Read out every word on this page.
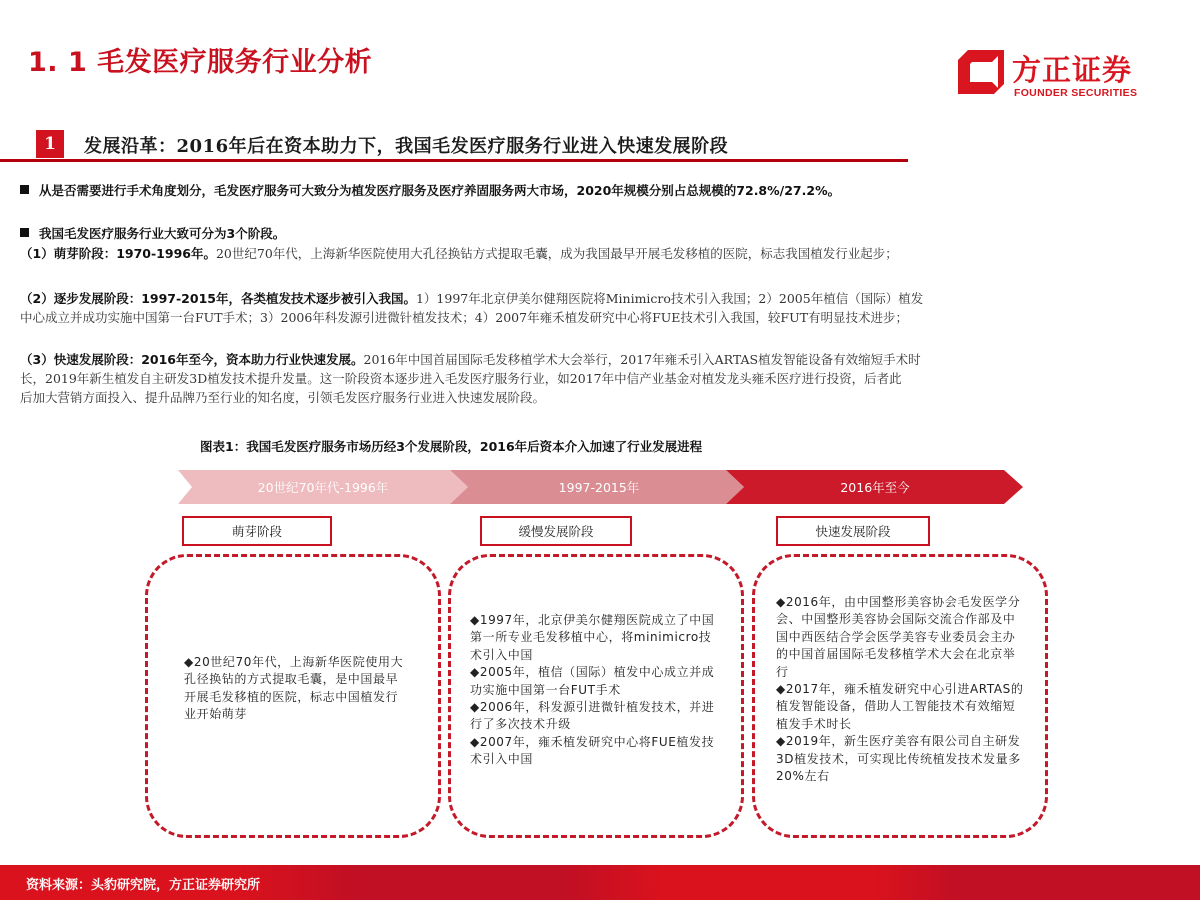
1. 1 毛发医疗服务行业分析	方正证券
FOUNDER SECURITIES
1	发展沿革：2016年后在资本助力下，我国毛发医疗服务行业进入快速发展阶段
从是否需要进行手术角度划分，毛发医疗服务可大致分为植发医疗服务及医疗养固服务两大市场，2020年规模分别占总规模的72.8%/27.2%。
我国毛发医疗服务行业大致可分为3个阶段。
（1）萌芽阶段：1970-1996年。20世纪70年代，上海新华医院使用大孔径换钻方式提取毛囊，成为我国最早开展毛发移植的医院，标志我国植发行业起步；
（2）逐步发展阶段：1997-2015年，各类植发技术逐步被引入我国。1）1997年北京伊美尔健翔医院将Minimicro技术引入我国；2）2005年植信（国际）植发
中心成立并成功实施中国第一台FUT手术；3）2006年科发源引进微针植发技术；4）2007年雍禾植发研究中心将FUE技术引入我国，较FUT有明显技术进步；
（3）快速发展阶段：2016年至今，资本助力行业快速发展。2016年中国首届国际毛发移植学术大会举行，2017年雍禾引入ARTAS植发智能设备有效缩短手术时
长，2019年新生植发自主研发3D植发技术提升发量。这一阶段资本逐步进入毛发医疗服务行业，如2017年中信产业基金对植发龙头雍禾医疗进行投资，后者此
后加大营销方面投入、提升品牌乃至行业的知名度，引领毛发医疗服务行业进入快速发展阶段。
图表1：我国毛发医疗服务市场历经3个发展阶段，2016年后资本介入加速了行业发展进程
20世纪70年代-1996年	1997-2015年	2016年至今
萌芽阶段	缓慢发展阶段	快速发展阶段

◆20世纪70年代，上海新华医院使用大孔径换钻的方式提取毛囊，是中国最早开展毛发移植的医院，标志中国植发行业开始萌芽

◆1997年，北京伊美尔健翔医院成立了中国第一所专业毛发移植中心，将minimicro技术引入中国

◆2005年，植信（国际）植发中心成立并成功实施中国第一台FUT手术

◆2006年，科发源引进微针植发技术，并进行了多次技术升级

◆2007年，雍禾植发研究中心将FUE植发技术引入中国

◆2016年，由中国整形美容协会毛发医学分会、中国整形美容协会国际交流合作部及中国中西医结合学会医学美容专业委员会主办的中国首届国际毛发移植学术大会在北京举行

◆2017年，雍禾植发研究中心引进ARTAS的植发智能设备，借助人工智能技术有效缩短植发手术时长

◆2019年，新生医疗美容有限公司自主研发3D植发技术，可实现比传统植发技术发量多20%左右

资料来源：头豹研究院，方正证券研究所
